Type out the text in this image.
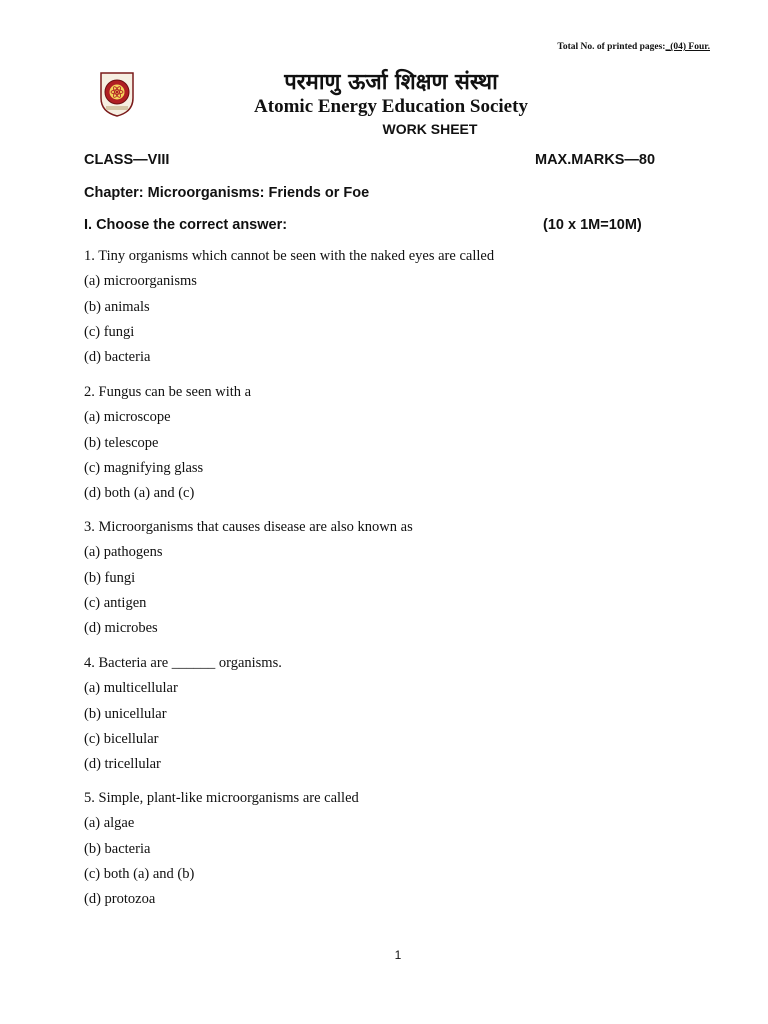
Total No. of printed pages:_(04) Four.
परमाणु ऊर्जा शिक्षण संस्था
Atomic Energy Education Society
WORK SHEET
CLASS—VIII	MAX.MARKS—80
Chapter: Microorganisms: Friends or Foe
I. Choose the correct answer:	(10 x 1M=10M)
1. Tiny organisms which cannot be seen with the naked eyes are called
(a) microorganisms
(b) animals
(c) fungi
(d) bacteria
2. Fungus can be seen with a
(a) microscope
(b) telescope
(c) magnifying glass
(d) both (a) and (c)
3. Microorganisms that causes disease are also known as
(a) pathogens
(b) fungi
(c) antigen
(d) microbes
4. Bacteria are ______ organisms.
(a) multicellular
(b) unicellular
(c) bicellular
(d) tricellular
5. Simple, plant-like microorganisms are called
(a) algae
(b) bacteria
(c) both (a) and (b)
(d) protozoa
1
